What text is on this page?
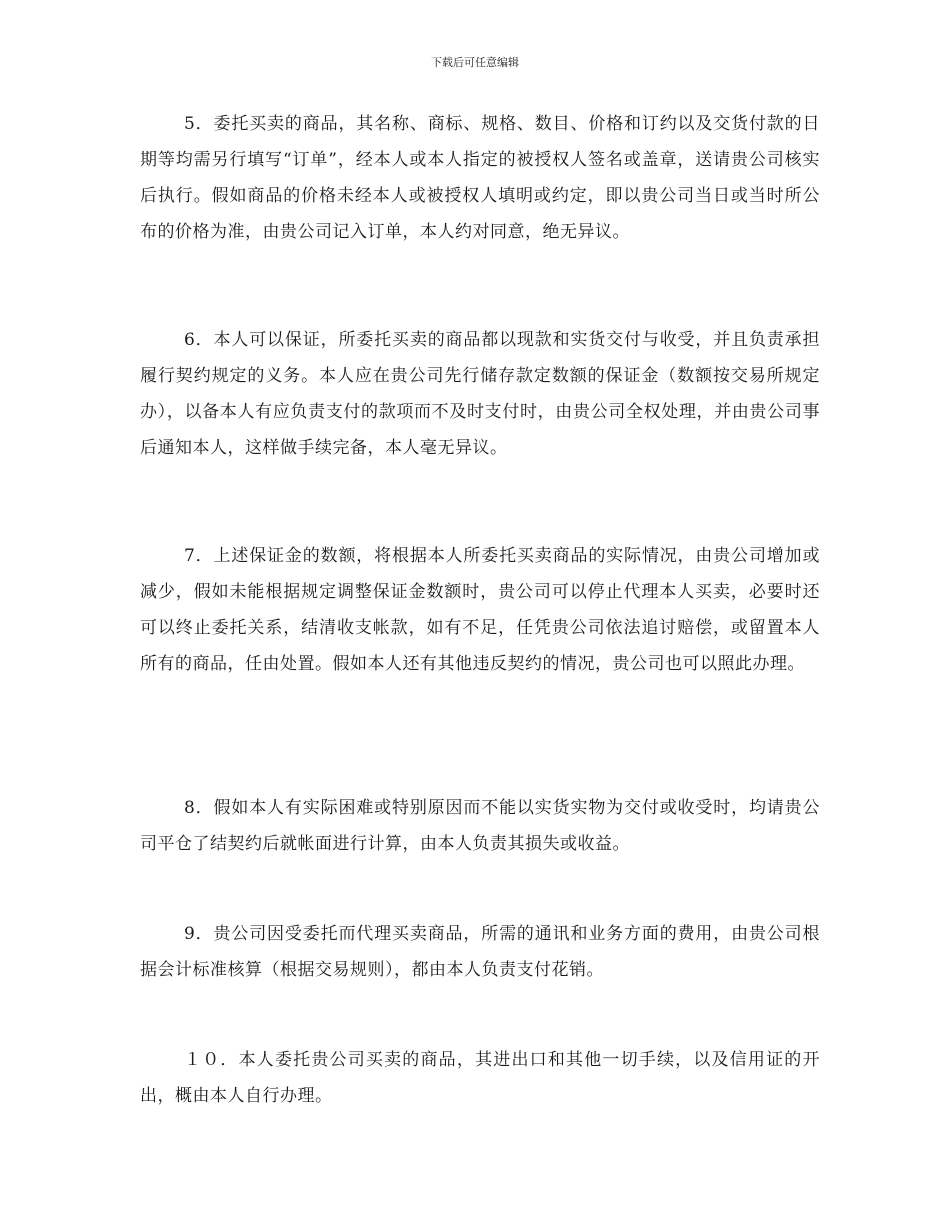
下载后可任意编辑

5．委托买卖的商品，其名称、商标、规格、数目、价格和订约以及交货付款的日期等均需另行填写“订单”，经本人或本人指定的被授权人签名或盖章，送请贵公司核实后执行。假如商品的价格未经本人或被授权人填明或约定，即以贵公司当日或当时所公布的价格为准，由贵公司记入订单，本人约对同意，绝无异议。

6．本人可以保证，所委托买卖的商品都以现款和实货交付与收受，并且负责承担履行契约规定的义务。本人应在贵公司先行储存款定数额的保证金（数额按交易所规定办），以备本人有应负责支付的款项而不及时支付时，由贵公司全权处理，并由贵公司事后通知本人，这样做手续完备，本人毫无异议。

7．上述保证金的数额，将根据本人所委托买卖商品的实际情况，由贵公司增加或减少，假如未能根据规定调整保证金数额时，贵公司可以停止代理本人买卖，必要时还可以终止委托关系，结清收支帐款，如有不足，任凭贵公司依法追讨赔偿，或留置本人所有的商品，任由处置。假如本人还有其他违反契约的情况，贵公司也可以照此办理。

8．假如本人有实际困难或特别原因而不能以实货实物为交付或收受时，均请贵公司平仓了结契约后就帐面进行计算，由本人负责其损失或收益。

9．贵公司因受委托而代理买卖商品，所需的通讯和业务方面的费用，由贵公司根据会计标准核算（根据交易规则），都由本人负责支付花销。

１０．本人委托贵公司买卖的商品，其进出口和其他一切手续，以及信用证的开出，概由本人自行办理。
